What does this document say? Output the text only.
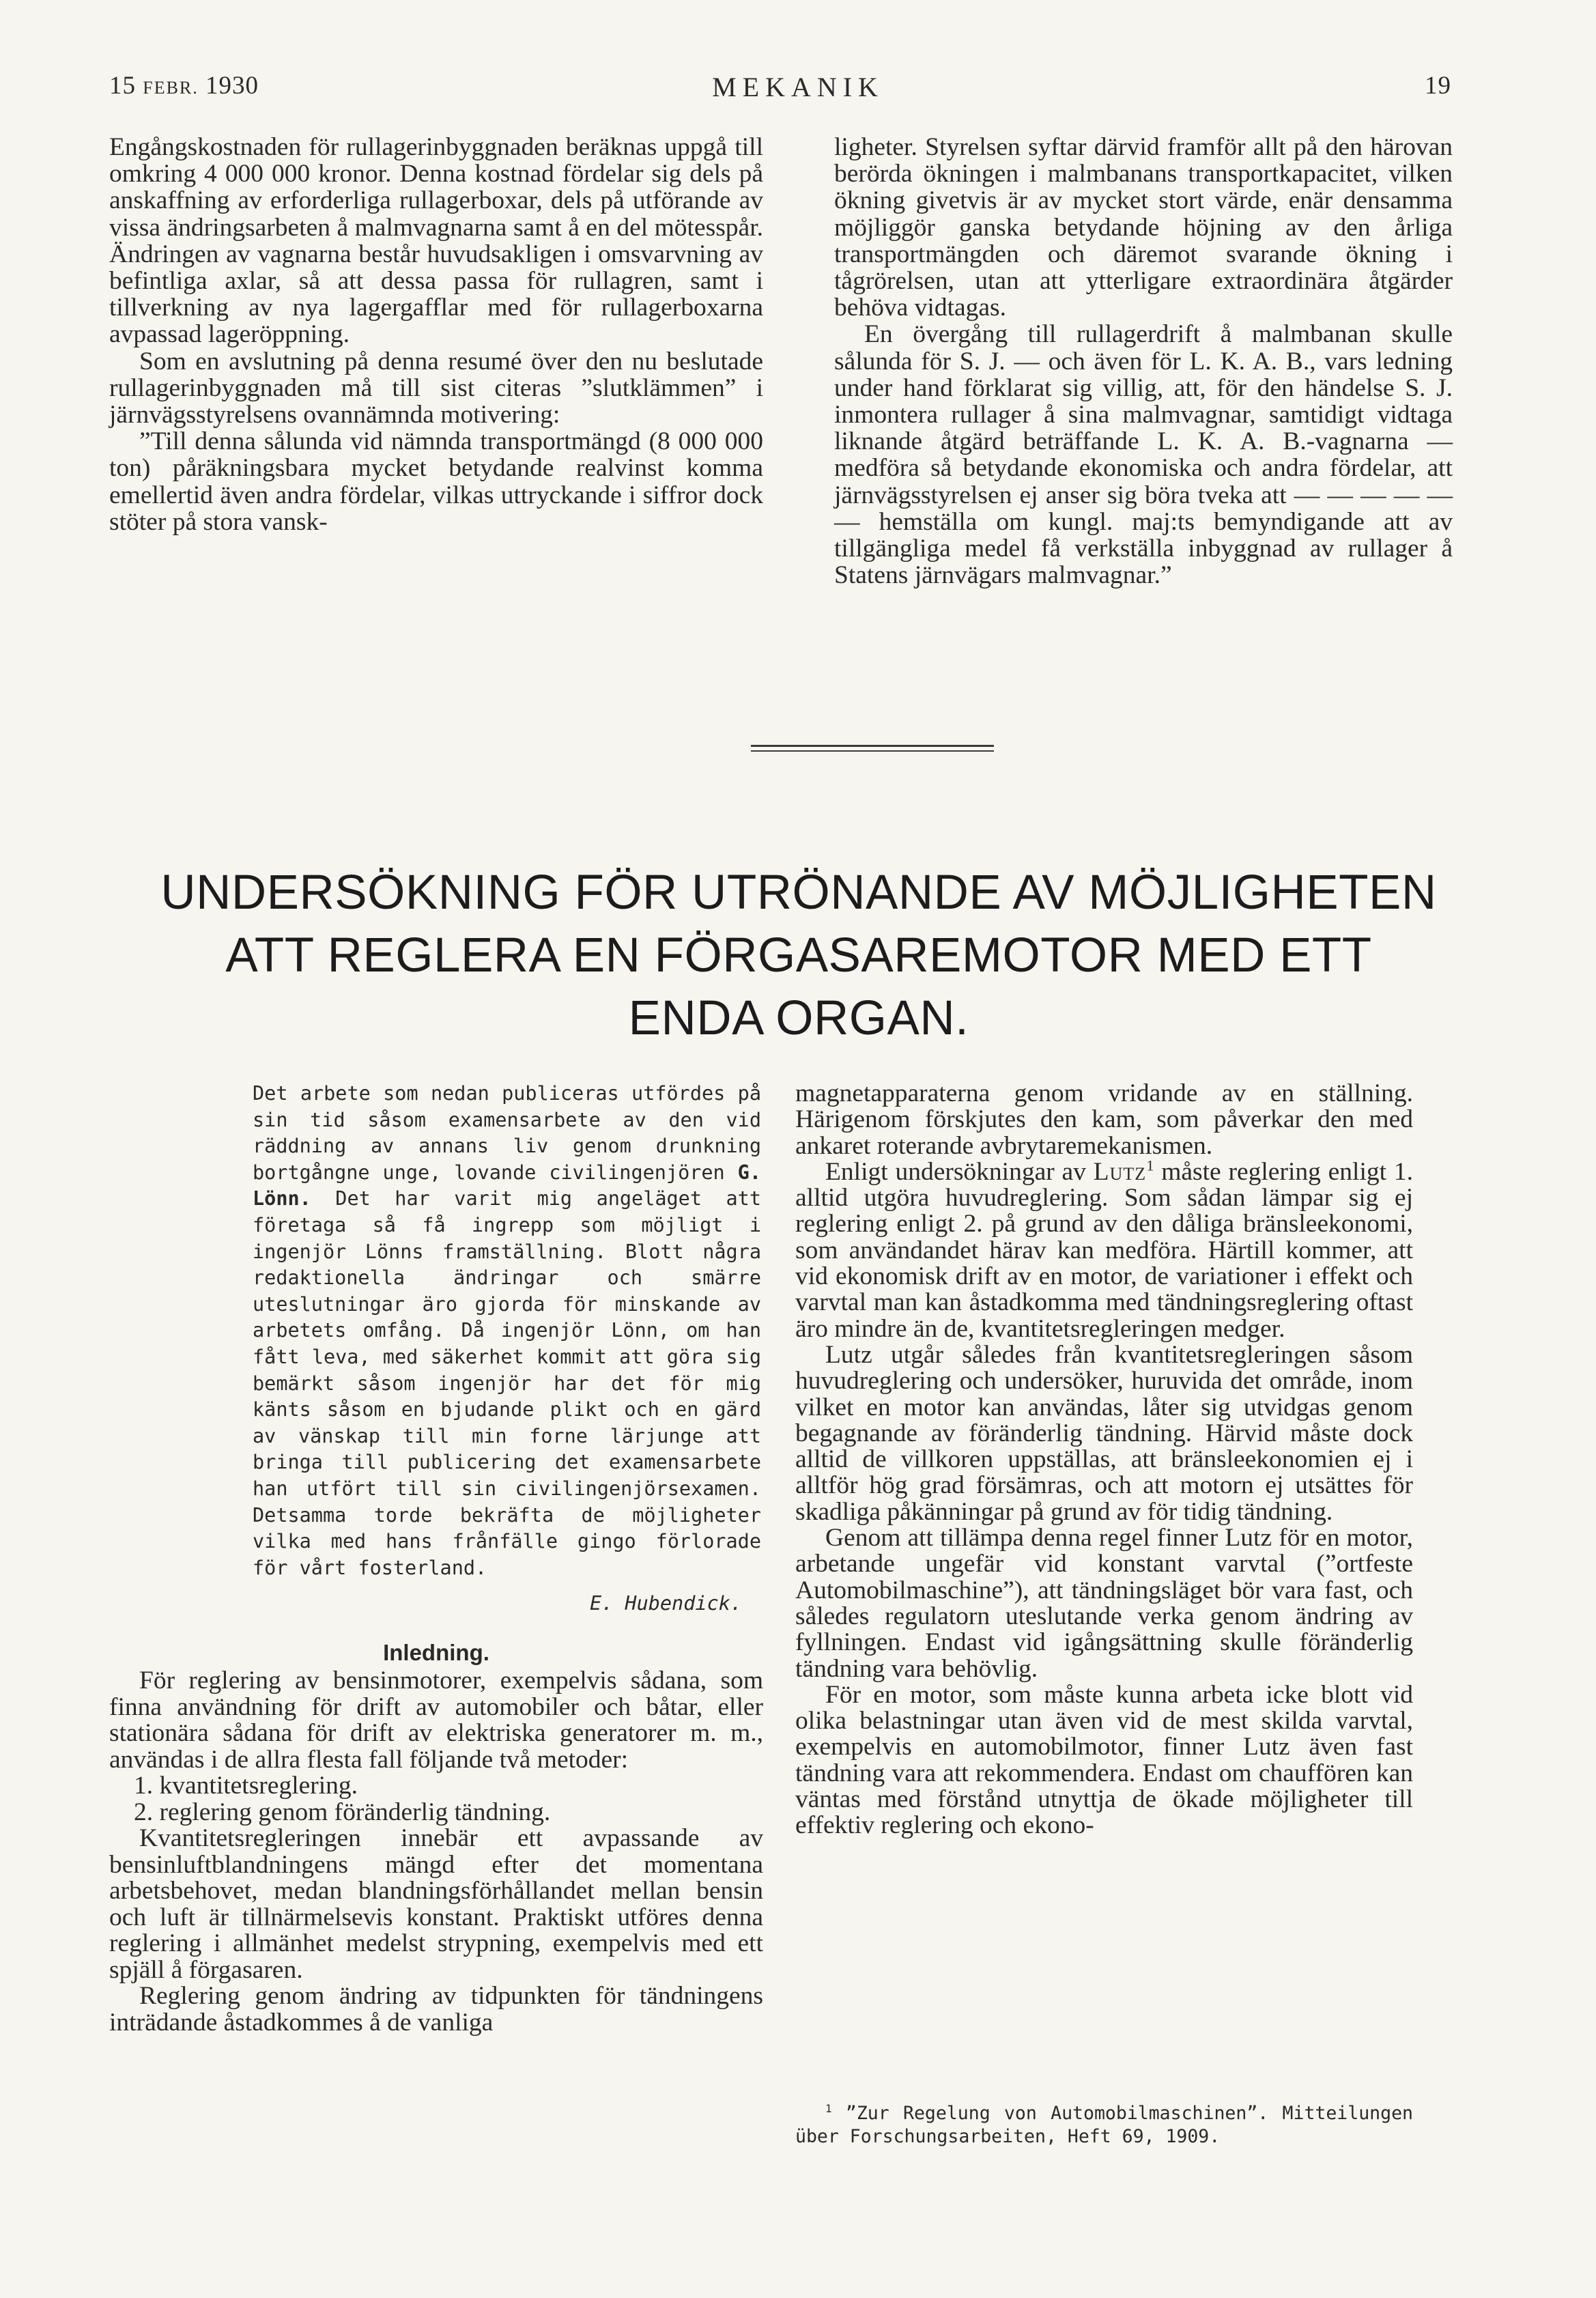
15 FEBR. 1930	MEKANIK	19

Engångskostnaden för rullagerinbyggnaden beräknas uppgå till omkring 4 000 000 kronor. Denna kostnad fördelar sig dels på anskaffning av erforderliga rullagerboxar, dels på utförande av vissa ändringsarbeten å malmvagnarna samt å en del mötesspår. Ändringen av vagnarna består huvudsakligen i omsvarvning av befintliga axlar, så att dessa passa för rullagren, samt i tillverkning av nya lagergafflar med för rullagerboxarna avpassad lageröppning.

Som en avslutning på denna resumé över den nu beslutade rullagerinbyggnaden må till sist citeras ”slutklämmen” i järnvägsstyrelsens ovannämnda motivering:

”Till denna sålunda vid nämnda transportmängd (8 000 000 ton) påräkningsbara mycket betydande realvinst komma emellertid även andra fördelar, vilkas uttryckande i siffror dock stöter på stora vansk-

ligheter. Styrelsen syftar därvid framför allt på den härovan berörda ökningen i malmbanans transportkapacitet, vilken ökning givetvis är av mycket stort värde, enär densamma möjliggör ganska betydande höjning av den årliga transportmängden och däremot svarande ökning i tågrörelsen, utan att ytterligare extraordinära åtgärder behöva vidtagas.

En övergång till rullagerdrift å malmbanan skulle sålunda för S. J. — och även för L. K. A. B., vars ledning under hand förklarat sig villig, att, för den händelse S. J. inmontera rullager å sina malmvagnar, samtidigt vidtaga liknande åtgärd beträffande L. K. A. B.-vagnarna — medföra så betydande ekonomiska och andra fördelar, att järnvägsstyrelsen ej anser sig böra tveka att — — — — — — hemställa om kungl. maj:ts bemyndigande att av tillgängliga medel få verkställa inbyggnad av rullager å Statens järnvägars malmvagnar.”

UNDERSÖKNING FÖR UTRÖNANDE AV MÖJLIGHETEN
ATT REGLERA EN FÖRGASAREMOTOR MED ETT
ENDA ORGAN.

Det arbete som nedan publiceras utfördes på sin tid såsom examensarbete av den vid räddning av annans liv genom drunkning bortgångne unge, lovande civilingenjören G. Lönn. Det har varit mig angeläget att företaga så få ingrepp som möjligt i ingenjör Lönns framställning. Blott några redaktionella ändringar och smärre uteslutningar äro gjorda för minskande av arbetets omfång. Då ingenjör Lönn, om han fått leva, med säkerhet kommit att göra sig bemärkt såsom ingenjör har det för mig känts såsom en bjudande plikt och en gärd av vänskap till min forne lärjunge att bringa till publicering det examensarbete han utfört till sin civilingenjörsexamen. Detsamma torde bekräfta de möjligheter vilka med hans frånfälle gingo förlorade för vårt fosterland.

E. Hubendick.

Inledning.

För reglering av bensinmotorer, exempelvis sådana, som finna användning för drift av automobiler och båtar, eller stationära sådana för drift av elektriska generatorer m. m., användas i de allra flesta fall följande två metoder:

1. kvantitetsreglering.
2. reglering genom föränderlig tändning.

Kvantitetsregleringen innebär ett avpassande av bensinluftblandningens mängd efter det momentana arbetsbehovet, medan blandningsförhållandet mellan bensin och luft är tillnärmelsevis konstant. Praktiskt utföres denna reglering i allmänhet medelst strypning, exempelvis med ett spjäll å förgasaren.

Reglering genom ändring av tidpunkten för tändningens inträdande åstadkommes å de vanliga

magnetapparaterna genom vridande av en ställning. Härigenom förskjutes den kam, som påverkar den med ankaret roterande avbrytaremekanismen.

Enligt undersökningar av Lutz$^1$ måste reglering enligt 1. alltid utgöra huvudreglering. Som sådan lämpar sig ej reglering enligt 2. på grund av den dåliga bränsleekonomi, som användandet härav kan medföra. Härtill kommer, att vid ekonomisk drift av en motor, de variationer i effekt och varvtal man kan åstadkomma med tändningsreglering oftast äro mindre än de, kvantitetsregleringen medger.

Lutz utgår således från kvantitetsregleringen såsom huvudreglering och undersöker, huruvida det område, inom vilket en motor kan användas, låter sig utvidgas genom begagnande av föränderlig tändning. Härvid måste dock alltid de villkoren uppställas, att bränsleekonomien ej i alltför hög grad försämras, och att motorn ej utsättes för skadliga påkänningar på grund av för tidig tändning.

Genom att tillämpa denna regel finner Lutz för en motor, arbetande ungefär vid konstant varvtal (”ortfeste Automobilmaschine”), att tändningsläget bör vara fast, och således regulatorn uteslutande verka genom ändring av fyllningen. Endast vid igångsättning skulle föränderlig tändning vara behövlig.

För en motor, som måste kunna arbeta icke blott vid olika belastningar utan även vid de mest skilda varvtal, exempelvis en automobilmotor, finner Lutz även fast tändning vara att rekommendera. Endast om chauffören kan väntas med förstånd utnyttja de ökade möjligheter till effektiv reglering och ekono-

$^1$ ”Zur Regelung von Automobilmaschinen”. Mitteilungen über Forschungsarbeiten, Heft 69, 1909.
